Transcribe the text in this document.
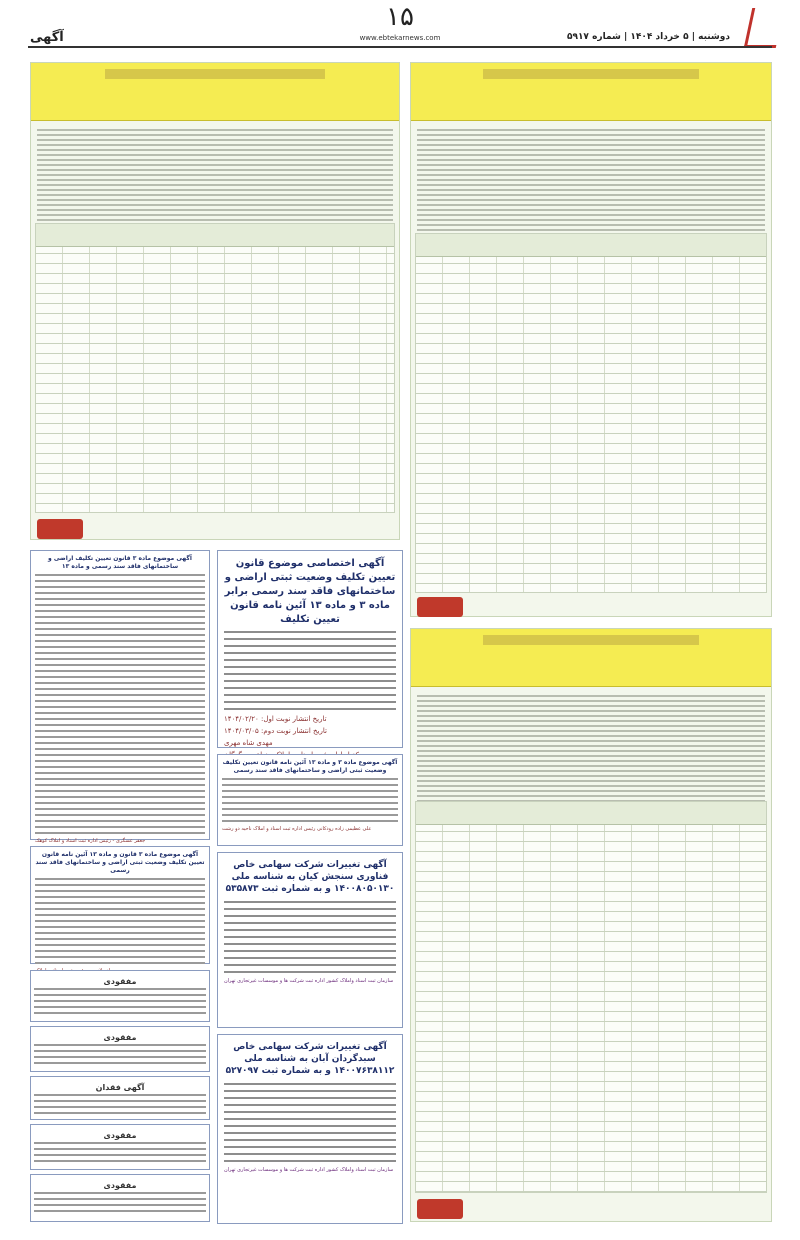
۱۵
آگهی	www.ebtekarnews.com	دوشنبه | ۵ خرداد ۱۴۰۴ | شماره ۵۹۱۷
آگهی اختصاصی موضوع قانون تعیین تکلیف وضعیت ثبتی اراضی و ساختمانهای فاقد سند رسمی برابر ماده ۳ و ماده ۱۳ آئین نامه قانون تعیین تکلیف
تاریخ انتشار نوبت اول: ۱۴۰۴/۰۲/۲۰
تاریخ انتشار نوبت دوم: ۱۴۰۴/۰۳/۰۵
مهدی شاه مهری
آگهی موضوع ماده ۳ و ماده ۱۳ آئین نامه قانون تعیین تکلیف وضعیت ثبتی اراضی و ساختمانهای فاقد سند رسمی
علی عظیمی زاده رودکانی رئیس اداره ثبت اسناد و املاک ناحیه دو رشت
آگهی تغییرات شرکت سهامی خاص فناوری سنجش کیان به شناسه ملی ۱۴۰۰۸۰۵۰۱۳۰ و به شماره ثبت ۵۳۵۸۷۳
سازمان ثبت اسناد واملاک کشور اداره ثبت شرکت ها و موسسات غیرتجاری تهران
آگهی تغییرات شرکت سهامی خاص سبدگردان آبان به شناسه ملی ۱۴۰۰۷۶۳۸۱۱۲ و به شماره ثبت ۵۲۷۰۹۷
سازمان ثبت اسناد واملاک کشور اداره ثبت شرکت ها و موسسات غیرتجاری تهران
آگهی موضوع ماده ۳ قانون تعیین تکلیف اراضی و ساختمانهای فاقد سند رسمی و ماده ۱۳
جعفر عسگری - رئیس اداره ثبت اسناد و املاک کوهک
آگهی موضوع ماده ۳ قانون و ماده ۱۳ آئین نامه قانون تعیین تکلیف وضعیت ثبتی اراضی و ساختمانهای فاقد سند رسمی
مفقودی
مفقودی
آگهی فقدان
مفقودی
مفقودی
